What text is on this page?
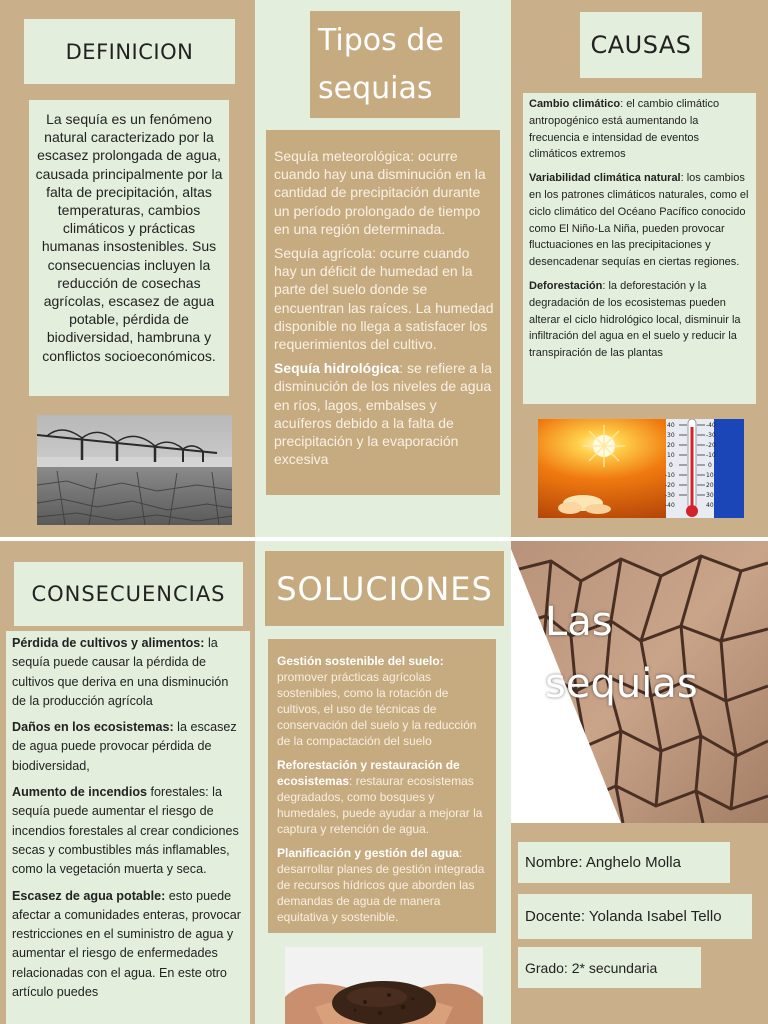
DEFINICION

La sequía es un fenómeno natural caracterizado por la escasez prolongada de agua, causada principalmente por la falta de precipitación, altas temperaturas, cambios climáticos y prácticas humanas insostenibles. Sus consecuencias incluyen la reducción de cosechas agrícolas, escasez de agua potable, pérdida de biodiversidad, hambruna y conflictos socioeconómicos.

Tipos de
sequias

Sequía meteorológica: ocurre cuando hay una disminución en la cantidad de precipitación durante un período prolongado de tiempo en una región determinada.

Sequía agrícola: ocurre cuando hay un déficit de humedad en la parte del suelo donde se encuentran las raíces. La humedad disponible no llega a satisfacer los requerimientos del cultivo.

Sequía hidrológica: se refiere a la disminución de los niveles de agua en ríos, lagos, embalses y acuíferos debido a la falta de precipitación y la evaporación excesiva

CAUSAS

Cambio climático: el cambio climático antropogénico está aumentando la frecuencia e intensidad de eventos climáticos extremos

Variabilidad climática natural: los cambios en los patrones climáticos naturales, como el ciclo climático del Océano Pacífico conocido como El Niño-La Niña, pueden provocar fluctuaciones en las precipitaciones y desencadenar sequías en ciertas regiones.

Deforestación: la deforestación y la degradación de los ecosistemas pueden alterar el ciclo hidrológico local, disminuir la infiltración del agua en el suelo y reducir la transpiración de las plantas

40
30
20
10
0
-10
-20
-30
-40
-40
-30
-20
-10
0
10
20
30
40
CONSECUENCIAS

Pérdida de cultivos y alimentos: la sequía puede causar la pérdida de cultivos que deriva en una disminución de la producción agrícola

Daños en los ecosistemas: la escasez de agua puede provocar pérdida de biodiversidad,

Aumento de incendios forestales: la sequía puede aumentar el riesgo de incendios forestales al crear condiciones secas y combustibles más inflamables, como la vegetación muerta y seca.

Escasez de agua potable: esto puede afectar a comunidades enteras, provocar restricciones en el suministro de agua y aumentar el riesgo de enfermedades relacionadas con el agua. En este otro artículo puedes

SOLUCIONES

Gestión sostenible del suelo:
promover prácticas agrícolas sostenibles, como la rotación de cultivos, el uso de técnicas de conservación del suelo y la reducción de la compactación del suelo

Reforestación y restauración de ecosistemas: restaurar ecosistemas degradados, como bosques y humedales, puede ayudar a mejorar la captura y retención de agua.

Planificación y gestión del agua: desarrollar planes de gestión integrada de recursos hídricos que aborden las demandas de agua de manera equitativa y sostenible.

Las
sequias
Nombre: Anghelo Molla
Docente: Yolanda Isabel Tello
Grado: 2* secundaria
